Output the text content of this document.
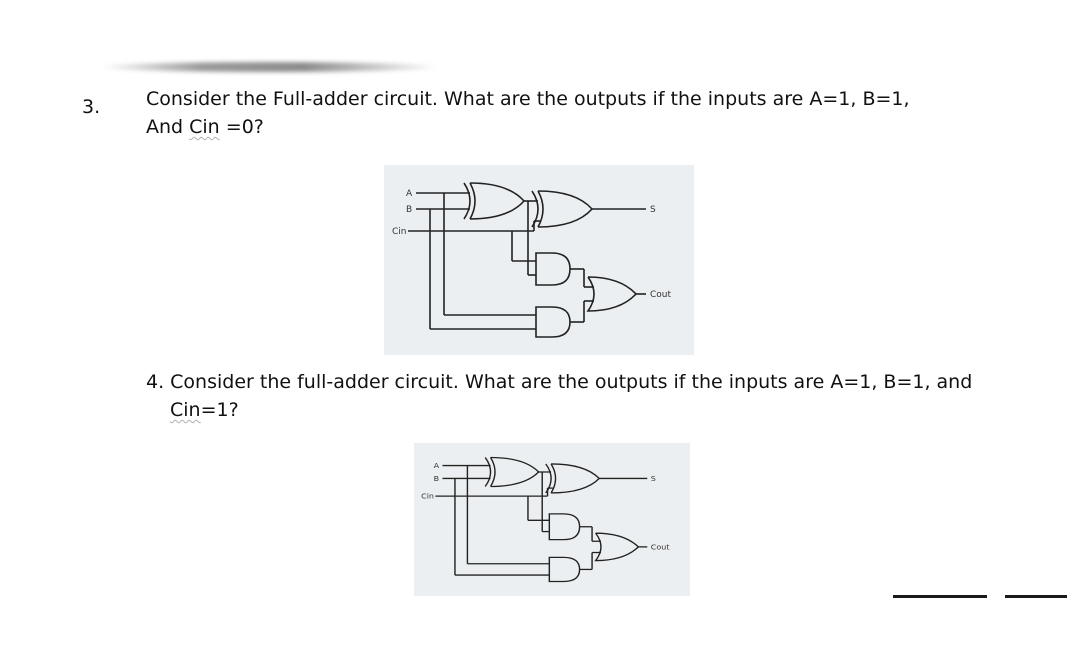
3. Consider the Full-adder circuit. What are the outputs if the inputs are A=1, B=1,
And Cin =0?
A
B
Cin
S
Cout
4. Consider the full-adder circuit. What are the outputs if the inputs are A=1, B=1, and
Cin=1?
A
B
Cin
S
Cout
